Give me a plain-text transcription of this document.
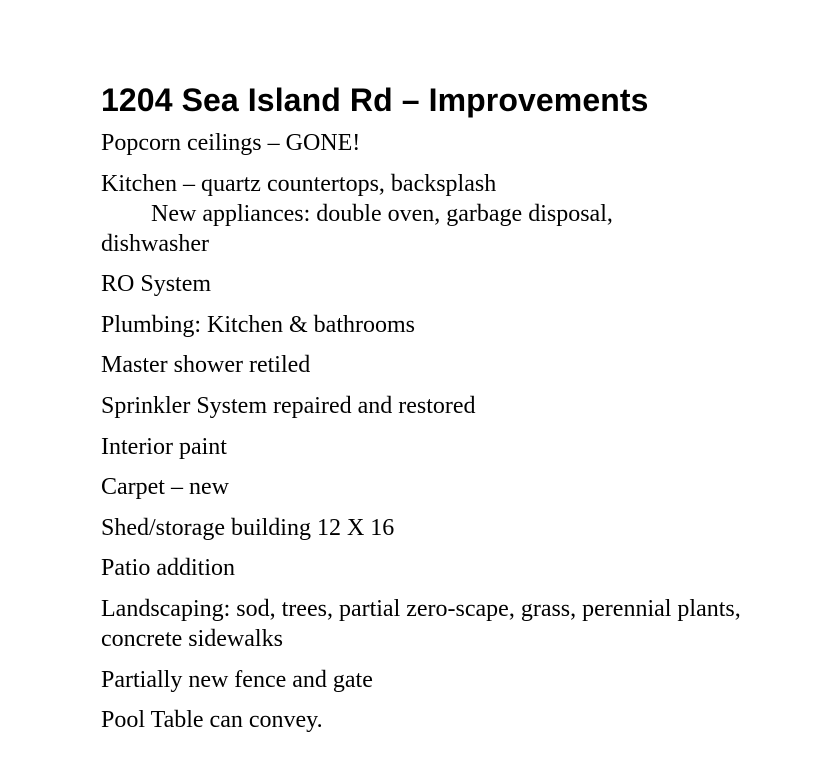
1204 Sea Island Rd – Improvements
Popcorn ceilings – GONE!
Kitchen – quartz countertops, backsplash
New appliances: double oven, garbage disposal,
dishwasher
RO System
Plumbing: Kitchen & bathrooms
Master shower retiled
Sprinkler System repaired and restored
Interior paint
Carpet – new
Shed/storage building 12 X 16
Patio addition
Landscaping: sod, trees, partial zero-scape, grass, perennial plants, concrete sidewalks
Partially new fence and gate
Pool Table can convey.
